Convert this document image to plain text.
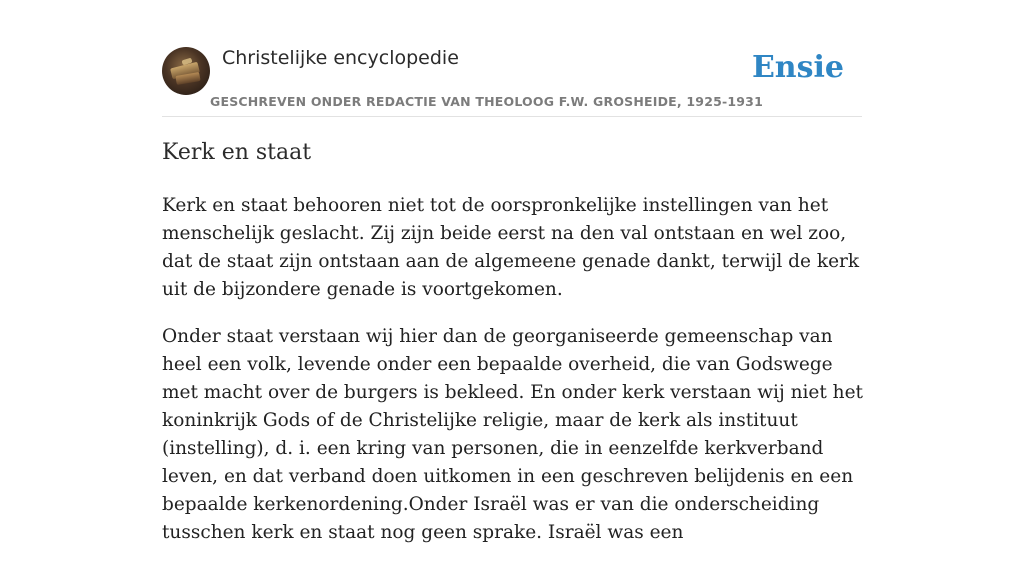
Christelijke encyclopedie
GESCHREVEN ONDER REDACTIE VAN THEOLOOG F.W. GROSHEIDE, 1925-1931
Ensie
Kerk en staat

Kerk en staat behooren niet tot de oorspronkelijke instellingen van het menschelijk geslacht. Zij zijn beide eerst na den val ontstaan en wel zoo, dat de staat zijn ontstaan aan de algemeene genade dankt, terwijl de kerk uit de bijzondere genade is voortgekomen.

Onder staat verstaan wij hier dan de georganiseerde gemeenschap van heel een volk, levende onder een bepaalde overheid, die van Godswege met macht over de burgers is bekleed. En onder kerk verstaan wij niet het koninkrijk Gods of de Christelijke religie, maar de kerk als instituut (instelling), d. i. een kring van personen, die in eenzelfde kerkverband leven, en dat verband doen uitkomen in een geschreven belijdenis en een bepaalde kerkenordening.Onder Israël was er van die onderscheiding tusschen kerk en staat nog geen sprake. Israël was een
